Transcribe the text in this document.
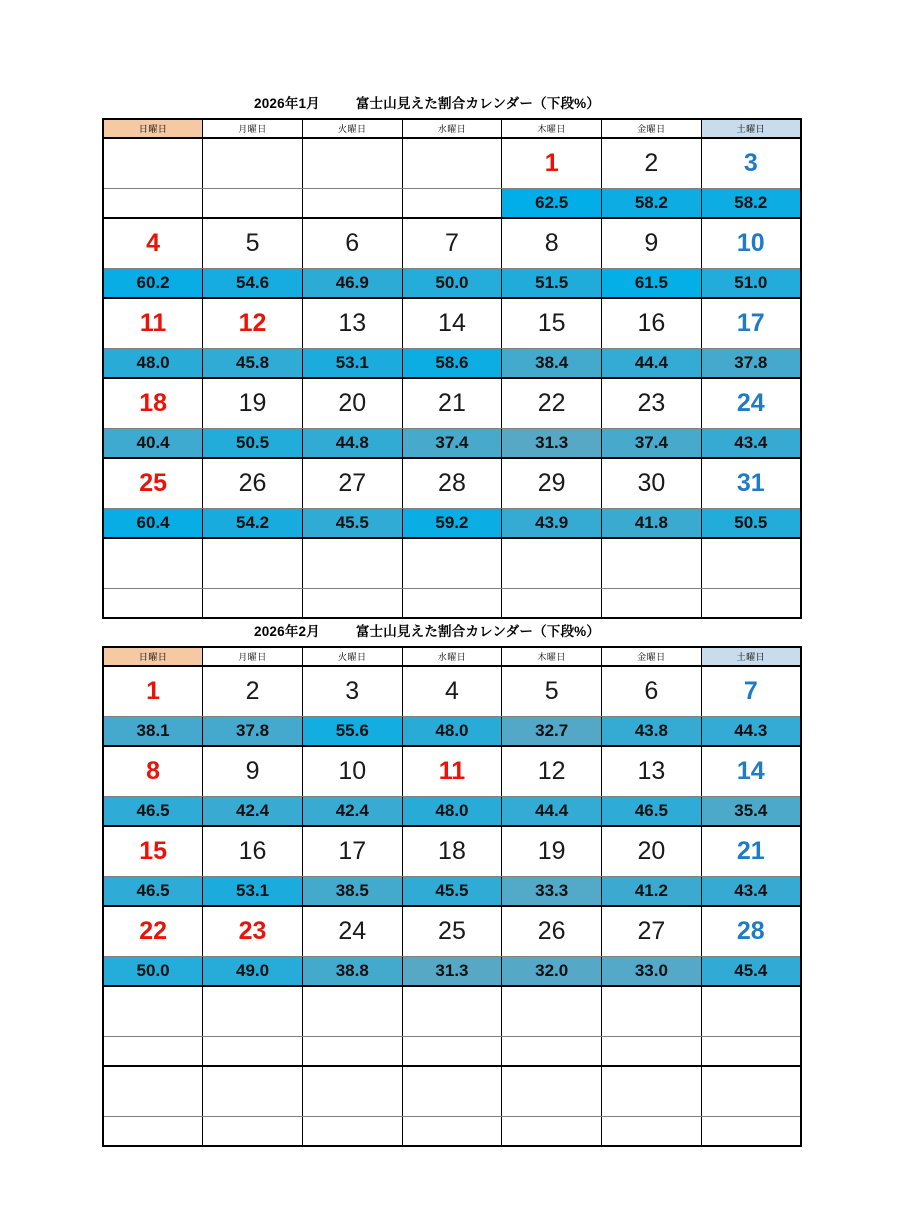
2026年1月	富士山見えた割合カレンダー（下段%）
日曜日	月曜日	火曜日	水曜日	木曜日	金曜日	土曜日
				1	2	3
				62.5	58.2	58.2
4	5	6	7	8	9	10
60.2	54.6	46.9	50.0	51.5	61.5	51.0
11	12	13	14	15	16	17
48.0	45.8	53.1	58.6	38.4	44.4	37.8
18	19	20	21	22	23	24
40.4	50.5	44.8	37.4	31.3	37.4	43.4
25	26	27	28	29	30	31
60.4	54.2	45.5	59.2	43.9	41.8	50.5

2026年2月	富士山見えた割合カレンダー（下段%）
日曜日	月曜日	火曜日	水曜日	木曜日	金曜日	土曜日
1	2	3	4	5	6	7
38.1	37.8	55.6	48.0	32.7	43.8	44.3
8	9	10	11	12	13	14
46.5	42.4	42.4	48.0	44.4	46.5	35.4
15	16	17	18	19	20	21
46.5	53.1	38.5	45.5	33.3	41.2	43.4
22	23	24	25	26	27	28
50.0	49.0	38.8	31.3	32.0	33.0	45.4
